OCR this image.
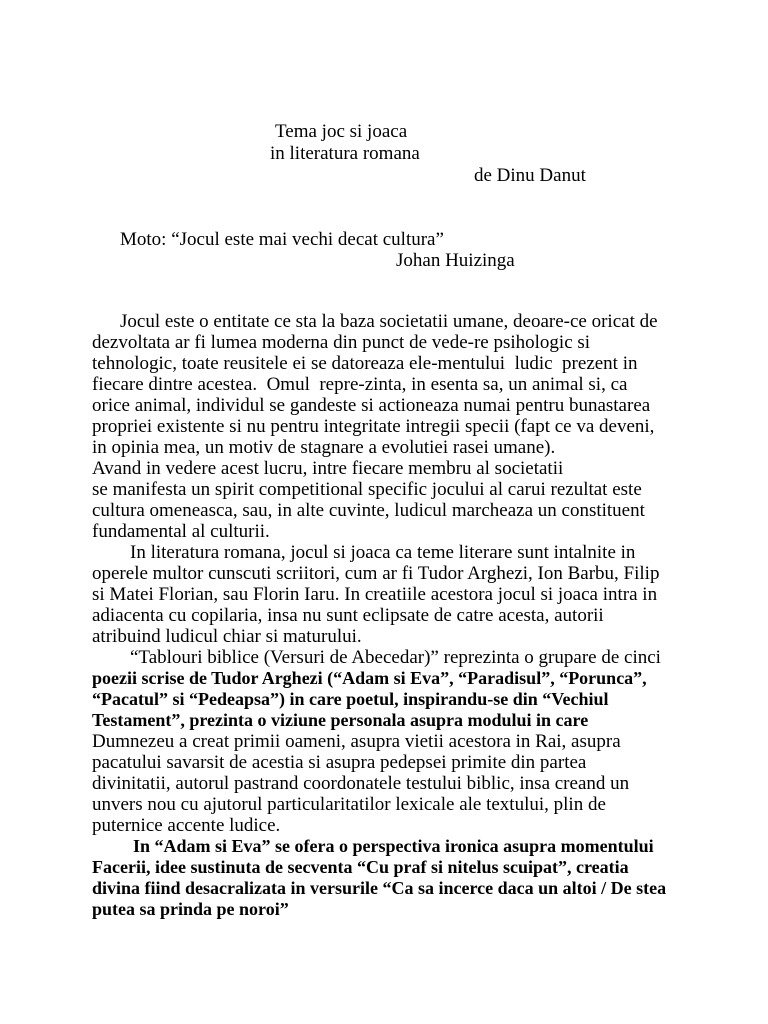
Tema joc si joaca
in literatura romana
de Dinu Danut
Moto: “Jocul este mai vechi decat cultura”
Johan Huizinga
Jocul este o entitate ce sta la baza societatii umane, deoare-ce oricat de
dezvoltata ar fi lumea moderna din punct de vede-re psihologic si
tehnologic, toate reusitele ei se datoreaza ele-mentului  ludic  prezent in
fiecare dintre acestea.  Omul  repre-zinta, in esenta sa, un animal si, ca
orice animal, individul se gandeste si actioneaza numai pentru bunastarea
propriei existente si nu pentru integritate intregii specii (fapt ce va deveni,
in opinia mea, un motiv de stagnare a evolutiei rasei umane).
Avand in vedere acest lucru, intre fiecare membru al societatii
se manifesta un spirit competitional specific jocului al carui rezultat este
cultura omeneasca, sau, in alte cuvinte, ludicul marcheaza un constituent
fundamental al culturii.
In literatura romana, jocul si joaca ca teme literare sunt intalnite in
operele multor cunscuti scriitori, cum ar fi Tudor Arghezi, Ion Barbu, Filip
si Matei Florian, sau Florin Iaru. In creatiile acestora jocul si joaca intra in
adiacenta cu copilaria, insa nu sunt eclipsate de catre acesta, autorii
atribuind ludicul chiar si maturului.
“Tablouri biblice (Versuri de Abecedar)” reprezinta o grupare de cinci
poezii scrise de Tudor Arghezi (“Adam si Eva”, “Paradisul”, “Porunca”,
“Pacatul” si “Pedeapsa”) in care poetul, inspirandu-se din “Vechiul
Testament”, prezinta o viziune personala asupra modului in care
Dumnezeu a creat primii oameni, asupra vietii acestora in Rai, asupra
pacatului savarsit de acestia si asupra pedepsei primite din partea
divinitatii, autorul pastrand coordonatele testului biblic, insa creand un
unvers nou cu ajutorul particularitatilor lexicale ale textului, plin de
puternice accente ludice.
In “Adam si Eva” se ofera o perspectiva ironica asupra momentului
Facerii, idee sustinuta de secventa “Cu praf si nitelus scuipat”, creatia
divina fiind desacralizata in versurile “Ca sa incerce daca un altoi / De stea
putea sa prinda pe noroi”
